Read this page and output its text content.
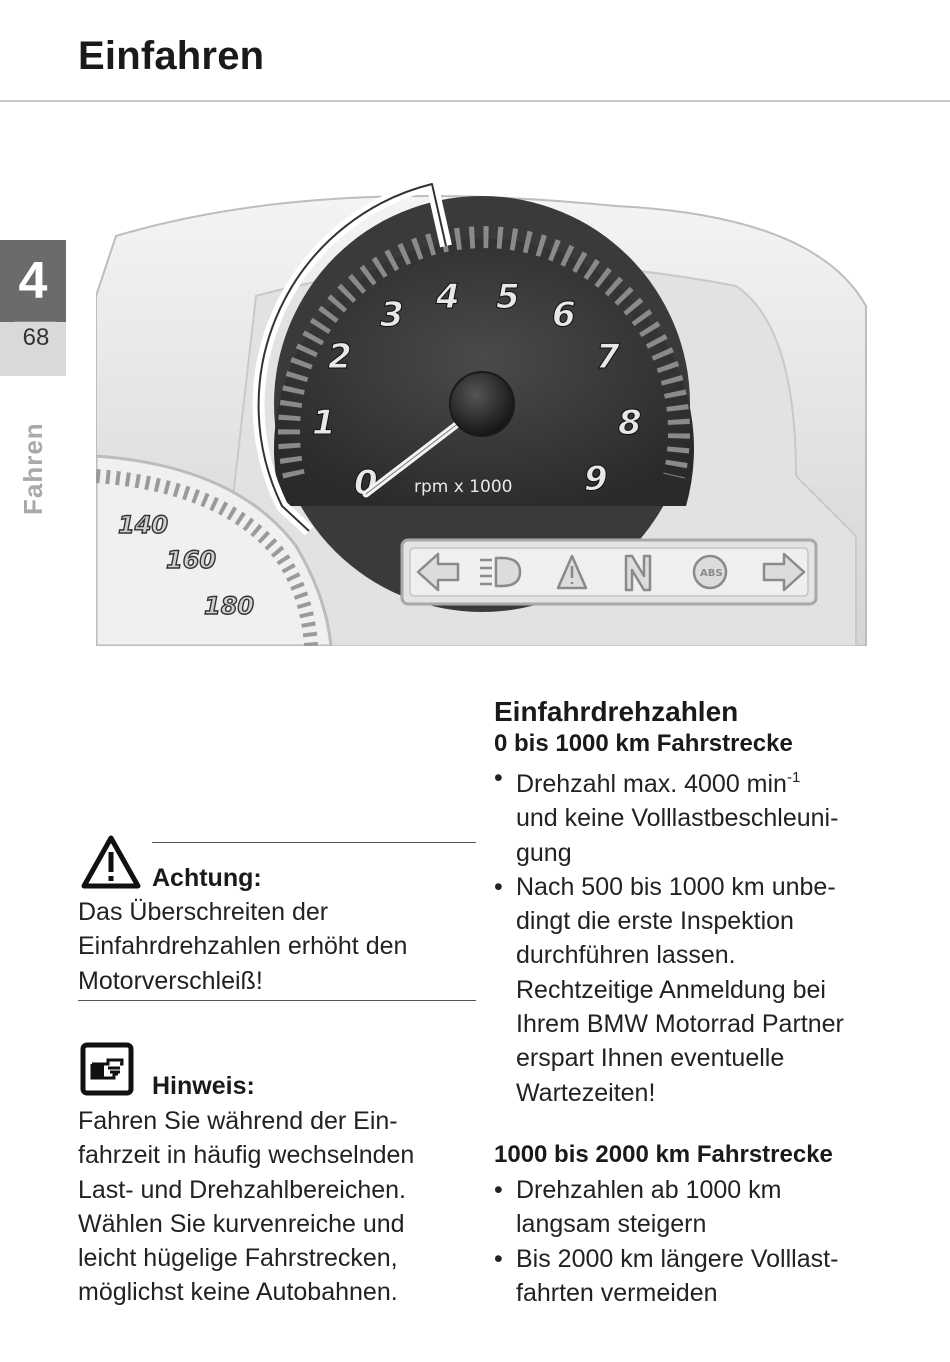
Einfahren
4
68
Fahren
140
160
180
0
1
2
3 4 5 6
7
8
9
rpm x 1000
ABS
Achtung:
Das Überschreiten der
Einfahrdrehzahlen erhöht den
Motorverschleiß!
Hinweis:
Fahren Sie während der Ein-
fahrzeit in häufig wechselnden
Last- und Drehzahlbereichen.
Wählen Sie kurvenreiche und
leicht hügelige Fahrstrecken,
möglichst keine Autobahnen.
Einfahrdrehzahlen
0 bis 1000 km Fahrstrecke
• Drehzahl max. 4000 $\min^{-1}$
und keine Volllastbeschleuni-
gung
• Nach 500 bis 1000 km unbe-
dingt die erste Inspektion
durchführen lassen.
Rechtzeitige Anmeldung bei
Ihrem BMW Motorrad Partner
erspart Ihnen eventuelle
Wartezeiten!
1000 bis 2000 km Fahrstrecke
• Drehzahlen ab 1000 km
langsam steigern
• Bis 2000 km längere Volllast-
fahrten vermeiden
